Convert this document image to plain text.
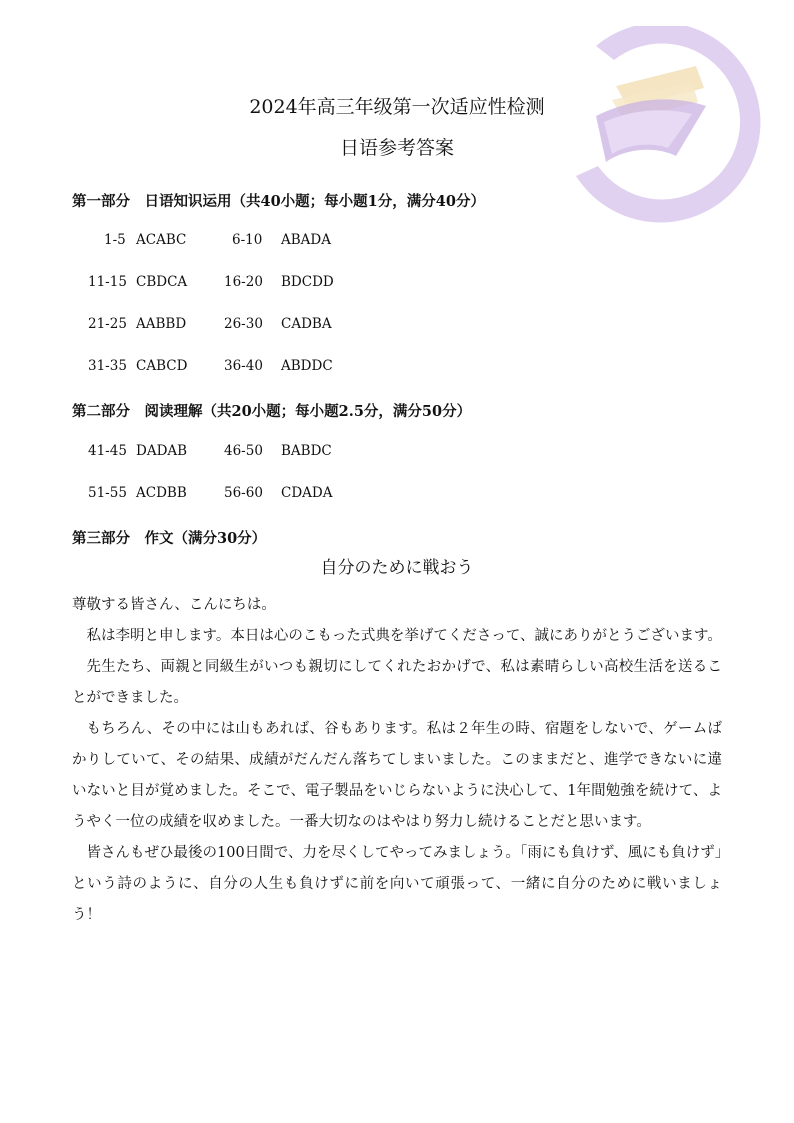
2024年高三年级第一次适应性检测
日语参考答案
第一部分　日语知识运用（共40小题；每小题1分，满分40分）
1-5 ACABC	6-10 ABADA
11-15 CBDCA	16-20 BDCDD
21-25 AABBD	26-30 CADBA
31-35 CABCD	36-40 ABDDC
第二部分　阅读理解（共20小题；每小题2.5分，满分50分）
41-45 DADAB	46-50 BABDC
51-55 ACDBB	56-60 CDADA
第三部分　作文（满分30分）
自分のために戦おう

尊敬する皆さん、こんにちは。

私は李明と申します。本日は心のこもった式典を挙げてくださって、誠にありがとうございます。

先生たち、両親と同級生がいつも親切にしてくれたおかげで、私は素晴らしい高校生活を送ることができました。

もちろん、その中には山もあれば、谷もあります。私は２年生の時、宿題をしないで、ゲームばかりしていて、その結果、成績がだんだん落ちてしまいました。このままだと、進学できないに違いないと目が覚めました。そこで、電子製品をいじらないように決心して、1年間勉強を続けて、ようやく一位の成績を収めました。一番大切なのはやはり努力し続けることだと思います。

皆さんもぜひ最後の100日間で、力を尽くしてやってみましょう。「雨にも負けず、風にも負けず」という詩のように、自分の人生も負けずに前を向いて頑張って、一緒に自分のために戦いましょう！
